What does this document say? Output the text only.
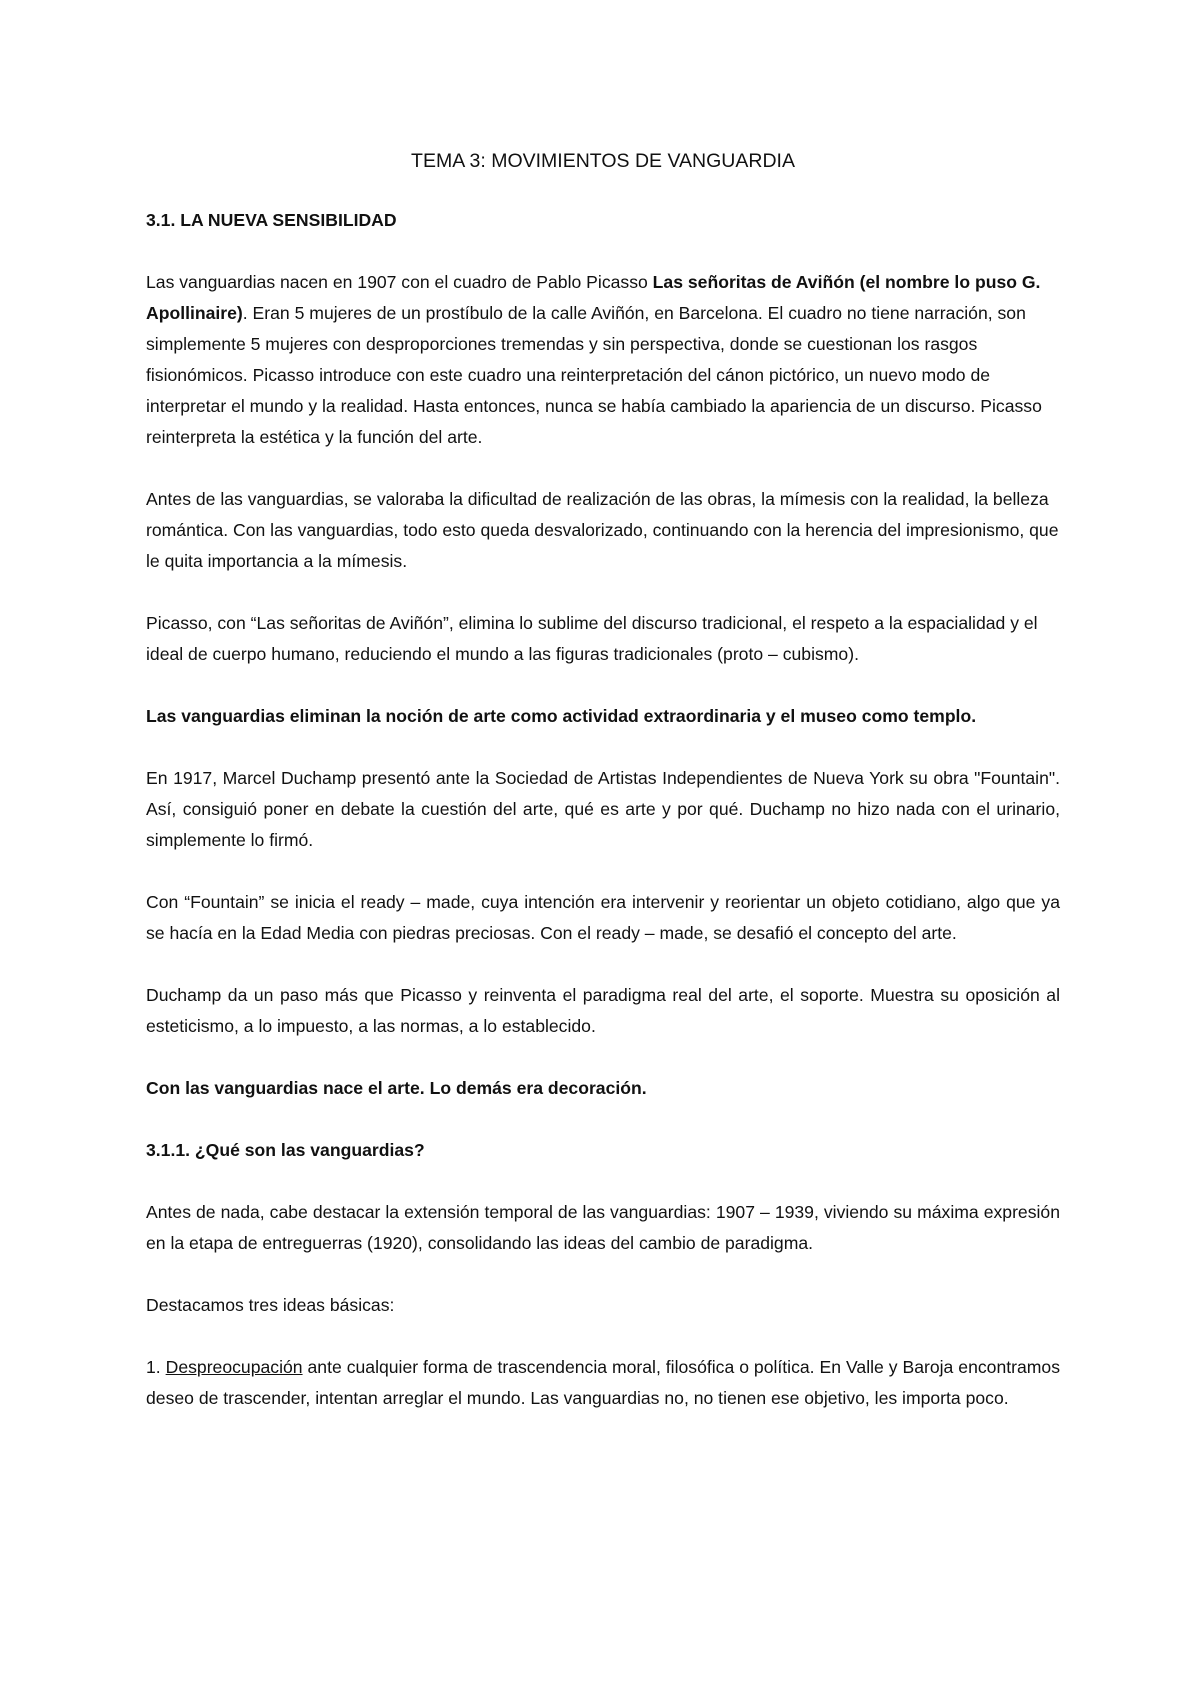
TEMA 3: MOVIMIENTOS DE VANGUARDIA
3.1. LA NUEVA SENSIBILIDAD

Las vanguardias nacen en 1907 con el cuadro de Pablo Picasso Las señoritas de Aviñón (el nombre lo puso G. Apollinaire). Eran 5 mujeres de un prostíbulo de la calle Aviñón, en Barcelona. El cuadro no tiene narración, son simplemente 5 mujeres con desproporciones tremendas y sin perspectiva, donde se cuestionan los rasgos fisionómicos. Picasso introduce con este cuadro una reinterpretación del cánon pictórico, un nuevo modo de interpretar el mundo y la realidad. Hasta entonces, nunca se había cambiado la apariencia de un discurso. Picasso reinterpreta la estética y la función del arte.

Antes de las vanguardias, se valoraba la dificultad de realización de las obras, la mímesis con la realidad, la belleza romántica. Con las vanguardias, todo esto queda desvalorizado, continuando con la herencia del impresionismo, que le quita importancia a la mímesis.

Picasso, con “Las señoritas de Aviñón”, elimina lo sublime del discurso tradicional, el respeto a la espacialidad y el ideal de cuerpo humano, reduciendo el mundo a las figuras tradicionales (proto – cubismo).

Las vanguardias eliminan la noción de arte como actividad extraordinaria y el museo como templo.

En 1917, Marcel Duchamp presentó ante la Sociedad de Artistas Independientes de Nueva York su obra "Fountain". Así, consiguió poner en debate la cuestión del arte, qué es arte y por qué. Duchamp no hizo nada con el urinario, simplemente lo firmó.

Con “Fountain” se inicia el ready – made, cuya intención era intervenir y reorientar un objeto cotidiano, algo que ya se hacía en la Edad Media con piedras preciosas. Con el ready – made, se desafió el concepto del arte.

Duchamp da un paso más que Picasso y reinventa el paradigma real del arte, el soporte. Muestra su oposición al esteticismo, a lo impuesto, a las normas, a lo establecido.

Con las vanguardias nace el arte. Lo demás era decoración.

3.1.1. ¿Qué son las vanguardias?

Antes de nada, cabe destacar la extensión temporal de las vanguardias: 1907 – 1939, viviendo su máxima expresión en la etapa de entreguerras (1920), consolidando las ideas del cambio de paradigma.

Destacamos tres ideas básicas:

1. Despreocupación ante cualquier forma de trascendencia moral, filosófica o política. En Valle y Baroja encontramos deseo de trascender, intentan arreglar el mundo. Las vanguardias no, no tienen ese objetivo, les importa poco.
